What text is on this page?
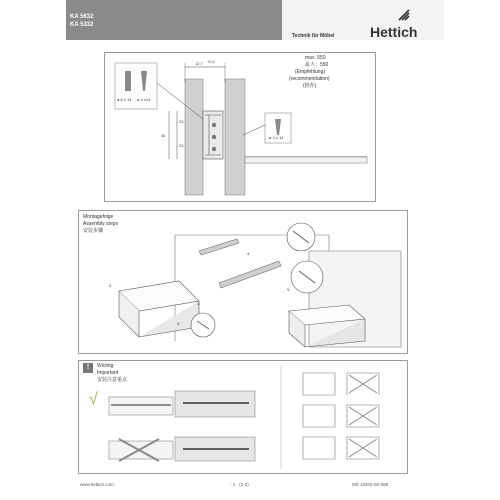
KA 5632
KA 5332	Hettich
Technik für Möbel
ø 6 x 14 ø 4 x14
ø 4 x 14
12,7 +0,2
46
23
23
max. 550
最大：550
(Empfehlung)
(recommendation)
(推荐)
Montagefolge
Assembly steps
安装步骤
1.
2.
3.
4.
5.
!	Wichtig
Important
安装注意重点
√
www.hettich.com	- 1 - (1-2)	MS 10202-02-008
